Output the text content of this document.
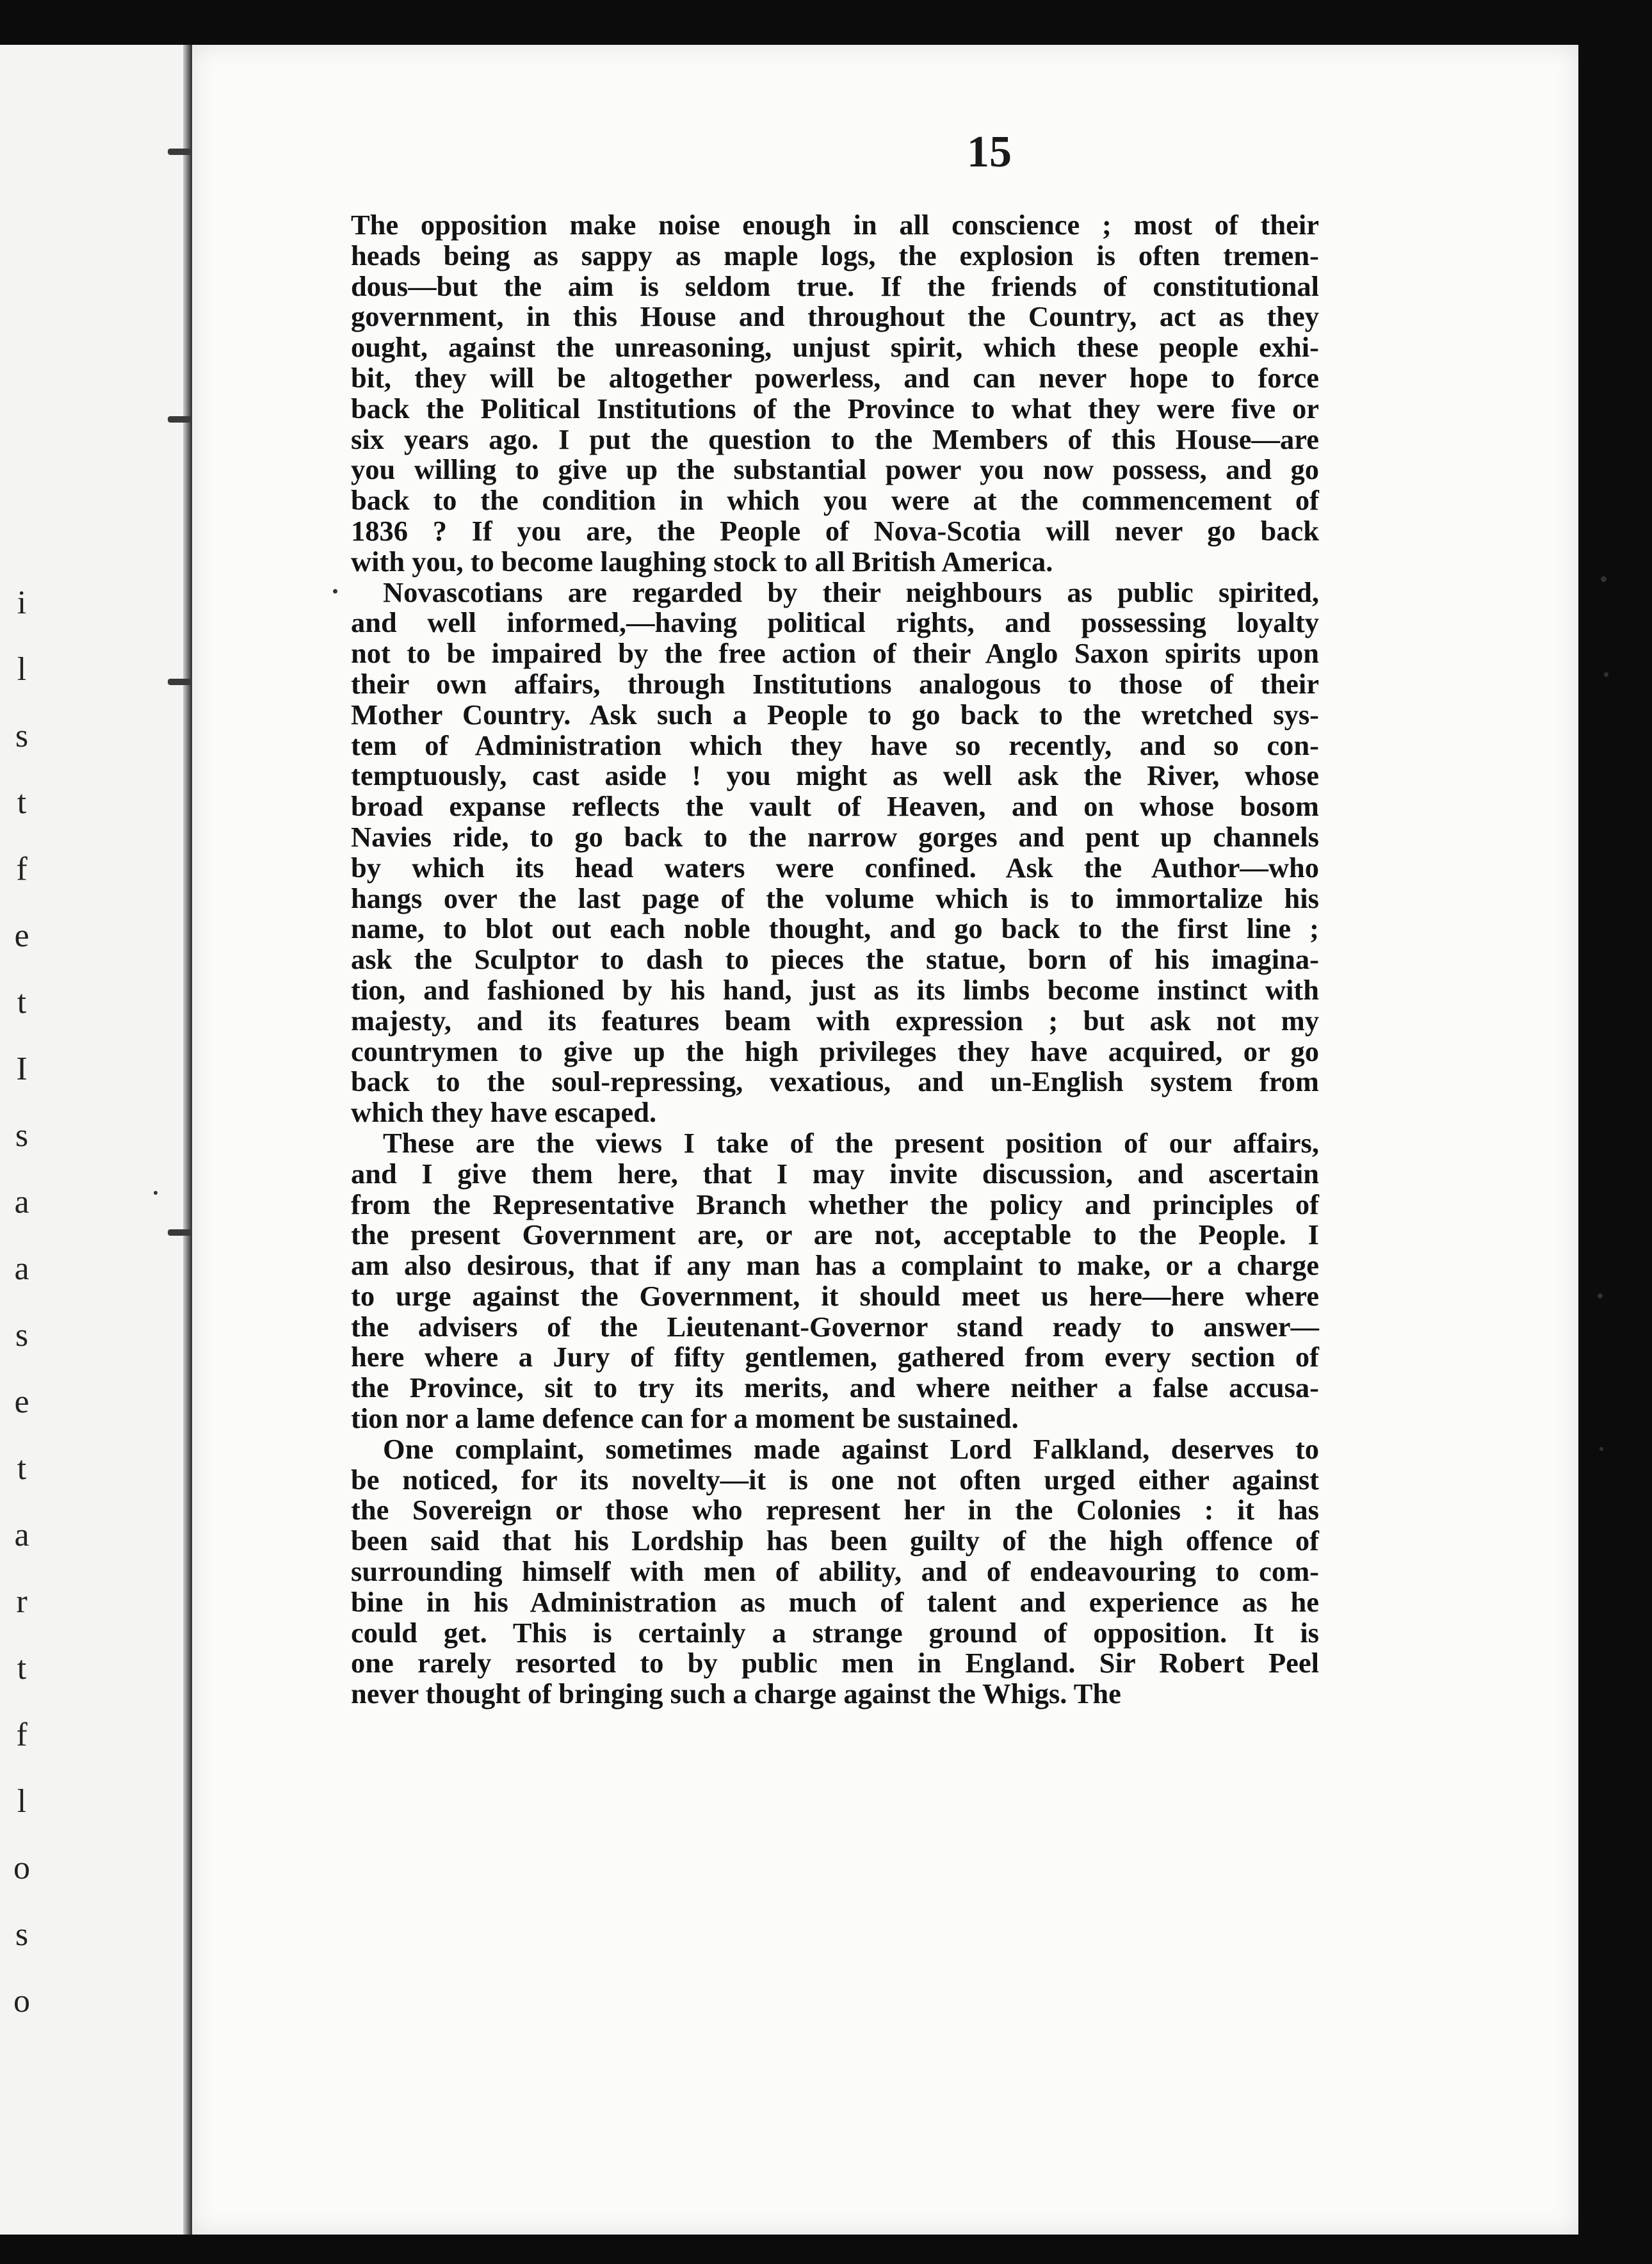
i
l
s
t
f
e
t
I
s
a
a
s
e
t
a
r
t
f
l
o
s
o
15
The opposition make noise enough in all conscience ; most of their
heads being as sappy as maple logs, the explosion is often tremen-
dous—but the aim is seldom true. If the friends of constitutional
government, in this House and throughout the Country, act as they
ought, against the unreasoning, unjust spirit, which these people exhi-
bit, they will be altogether powerless, and can never hope to force
back the Political Institutions of the Province to what they were five or
six years ago. I put the question to the Members of this House—are
you willing to give up the substantial power you now possess, and go
back to the condition in which you were at the commencement of
1836 ? If you are, the People of Nova-Scotia will never go back
with you, to become laughing stock to all British America.
Novascotians are regarded by their neighbours as public spirited,
and well informed,—having political rights, and possessing loyalty
not to be impaired by the free action of their Anglo Saxon spirits upon
their own affairs, through Institutions analogous to those of their
Mother Country. Ask such a People to go back to the wretched sys-
tem of Administration which they have so recently, and so con-
temptuously, cast aside ! you might as well ask the River, whose
broad expanse reflects the vault of Heaven, and on whose bosom
Navies ride, to go back to the narrow gorges and pent up channels
by which its head waters were confined. Ask the Author—who
hangs over the last page of the volume which is to immortalize his
name, to blot out each noble thought, and go back to the first line ;
ask the Sculptor to dash to pieces the statue, born of his imagina-
tion, and fashioned by his hand, just as its limbs become instinct with
majesty, and its features beam with expression ; but ask not my
countrymen to give up the high privileges they have acquired, or go
back to the soul-repressing, vexatious, and un-English system from
which they have escaped.
These are the views I take of the present position of our affairs,
and I give them here, that I may invite discussion, and ascertain
from the Representative Branch whether the policy and principles of
the present Government are, or are not, acceptable to the People. I
am also desirous, that if any man has a complaint to make, or a charge
to urge against the Government, it should meet us here—here where
the advisers of the Lieutenant-Governor stand ready to answer—
here where a Jury of fifty gentlemen, gathered from every section of
the Province, sit to try its merits, and where neither a false accusa-
tion nor a lame defence can for a moment be sustained.
One complaint, sometimes made against Lord Falkland, deserves to
be noticed, for its novelty—it is one not often urged either against
the Sovereign or those who represent her in the Colonies : it has
been said that his Lordship has been guilty of the high offence of
surrounding himself with men of ability, and of endeavouring to com-
bine in his Administration as much of talent and experience as he
could get. This is certainly a strange ground of opposition. It is
one rarely resorted to by public men in England. Sir Robert Peel
never thought of bringing such a charge against the Whigs. The
